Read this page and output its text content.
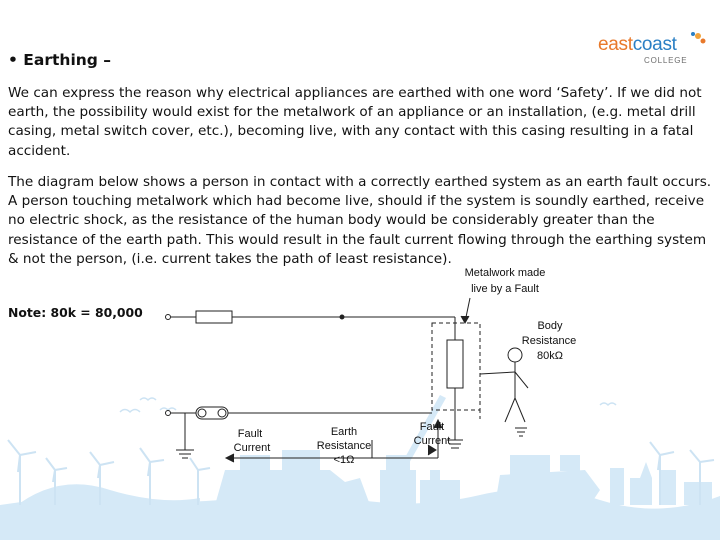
eastcoast
COLLEGE
• Earthing –

We can express the reason why electrical appliances are earthed with one word ‘Safety’. If we did not earth, the possibility would exist for the metalwork of an appliance or an installation, (e.g. metal drill casing, metal switch cover, etc.), becoming live, with any contact with this casing resulting in a fatal accident.

The diagram below shows a person in contact with a correctly earthed system as an earth fault occurs. A person touching metalwork which had become live, should if the system is soundly earthed, receive no electric shock, as the resistance of the human body would be considerably greater than the resistance of the earth path. This would result in the fault current flowing through the earthing system & not the person, (i.e. current takes the path of least resistance).

Note: 80k = 80,000
Metalwork made
live by a Fault
Body
Resistance
80kΩ
Fault
Current
Earth
Resistance
<1Ω
Fault
Current
